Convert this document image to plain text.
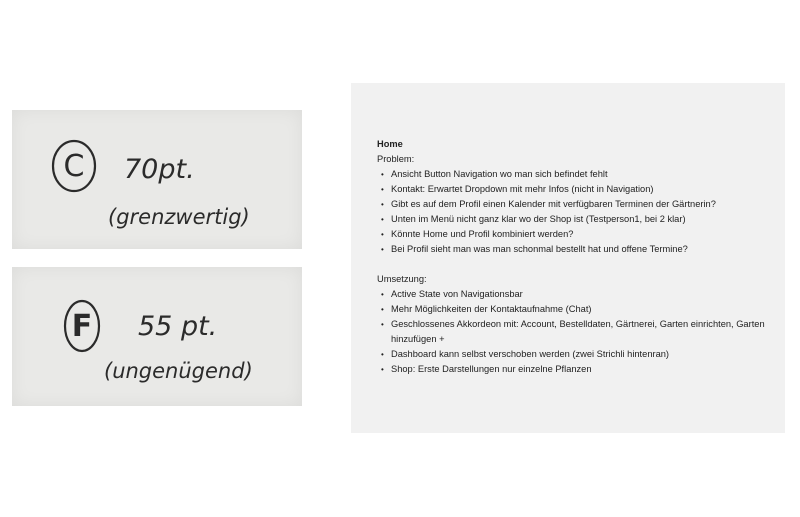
C 70pt.
(grenzwertig)
F 55 pt.
(ungenügend)
Home
Problem:
• Ansicht Button Navigation wo man sich befindet fehlt
• Kontakt: Erwartet Dropdown mit mehr Infos (nicht in Navigation)
• Gibt es auf dem Profil einen Kalender mit verfügbaren Terminen der Gärtnerin?
• Unten im Menü nicht ganz klar wo der Shop ist (Testperson1, bei 2 klar)
• Könnte Home und Profil kombiniert werden?
• Bei Profil sieht man was man schonmal bestellt hat und offene Termine?
Umsetzung:
• Active State von Navigationsbar
• Mehr Möglichkeiten der Kontaktaufnahme (Chat)
• Geschlossenes Akkordeon mit: Account, Bestelldaten, Gärtnerei, Garten einrichten, Garten hinzufügen +
• Dashboard kann selbst verschoben werden (zwei Strichli hintenran)
• Shop: Erste Darstellungen nur einzelne Pflanzen
